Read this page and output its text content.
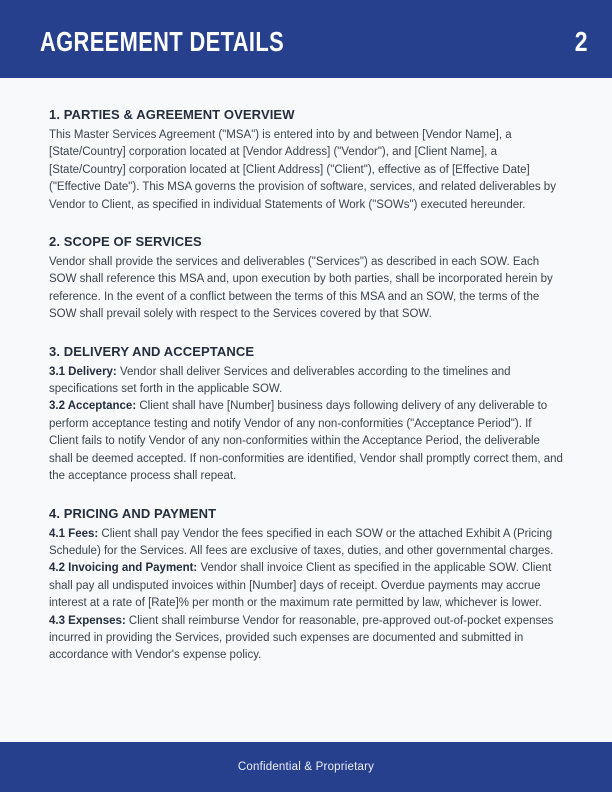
AGREEMENT DETAILS	2
1. PARTIES & AGREEMENT OVERVIEW

This Master Services Agreement ("MSA") is entered into by and between [Vendor Name], a [State/Country] corporation located at [Vendor Address] ("Vendor"), and [Client Name], a [State/Country] corporation located at [Client Address] ("Client"), effective as of [Effective Date] ("Effective Date"). This MSA governs the provision of software, services, and related deliverables by Vendor to Client, as specified in individual Statements of Work ("SOWs") executed hereunder.

2. SCOPE OF SERVICES

Vendor shall provide the services and deliverables ("Services") as described in each SOW. Each SOW shall reference this MSA and, upon execution by both parties, shall be incorporated herein by reference. In the event of a conflict between the terms of this MSA and an SOW, the terms of the SOW shall prevail solely with respect to the Services covered by that SOW.

3. DELIVERY AND ACCEPTANCE

3.1 Delivery: Vendor shall deliver Services and deliverables according to the timelines and specifications set forth in the applicable SOW.

3.2 Acceptance: Client shall have [Number] business days following delivery of any deliverable to perform acceptance testing and notify Vendor of any non-conformities ("Acceptance Period"). If Client fails to notify Vendor of any non-conformities within the Acceptance Period, the deliverable shall be deemed accepted. If non-conformities are identified, Vendor shall promptly correct them, and the acceptance process shall repeat.

4. PRICING AND PAYMENT

4.1 Fees: Client shall pay Vendor the fees specified in each SOW or the attached Exhibit A (Pricing Schedule) for the Services. All fees are exclusive of taxes, duties, and other governmental charges.

4.2 Invoicing and Payment: Vendor shall invoice Client as specified in the applicable SOW. Client shall pay all undisputed invoices within [Number] days of receipt. Overdue payments may accrue interest at a rate of [Rate]% per month or the maximum rate permitted by law, whichever is lower.

4.3 Expenses: Client shall reimburse Vendor for reasonable, pre-approved out-of-pocket expenses incurred in providing the Services, provided such expenses are documented and submitted in accordance with Vendor's expense policy.

Confidential & Proprietary
